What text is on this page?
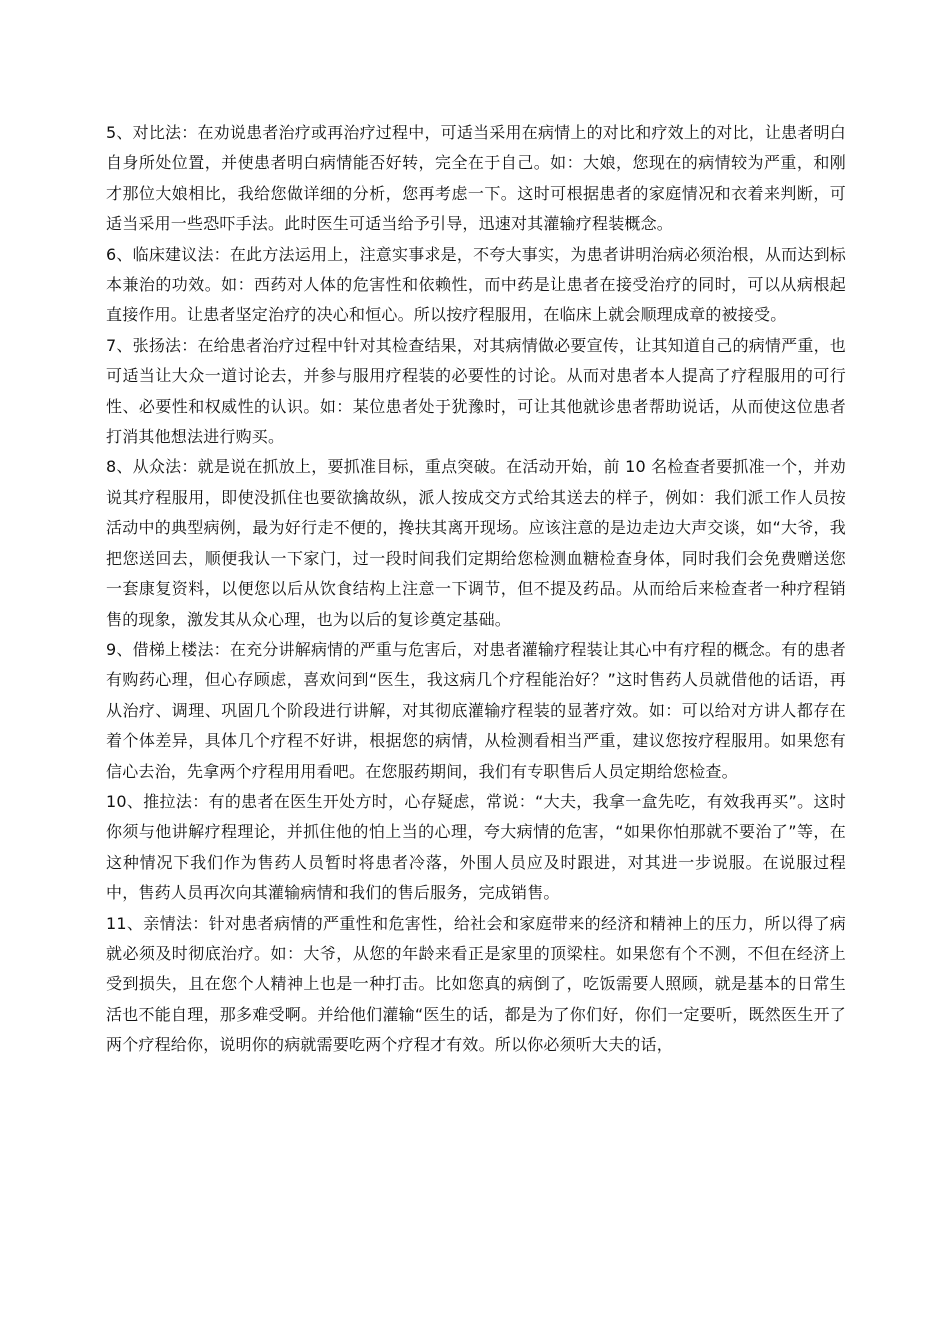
5、对比法：在劝说患者治疗或再治疗过程中，可适当采用在病情上的对比和疗效上的对比，让患者明白自身所处位置，并使患者明白病情能否好转，完全在于自己。如：大娘，您现在的病情较为严重，和刚才那位大娘相比，我给您做详细的分析，您再考虑一下。这时可根据患者的家庭情况和衣着来判断，可适当采用一些恐吓手法。此时医生可适当给予引导，迅速对其灌输疗程装概念。

6、临床建议法：在此方法运用上，注意实事求是，不夸大事实，为患者讲明治病必须治根，从而达到标本兼治的功效。如：西药对人体的危害性和依赖性，而中药是让患者在接受治疗的同时，可以从病根起直接作用。让患者坚定治疗的决心和恒心。所以按疗程服用，在临床上就会顺理成章的被接受。

7、张扬法：在给患者治疗过程中针对其检查结果，对其病情做必要宣传，让其知道自己的病情严重，也可适当让大众一道讨论去，并参与服用疗程装的必要性的讨论。从而对患者本人提高了疗程服用的可行性、必要性和权威性的认识。如：某位患者处于犹豫时，可让其他就诊患者帮助说话，从而使这位患者打消其他想法进行购买。

8、从众法：就是说在抓放上，要抓准目标，重点突破。在活动开始，前 10 名检查者要抓准一个，并劝说其疗程服用，即使没抓住也要欲擒故纵，派人按成交方式给其送去的样子，例如：我们派工作人员按活动中的典型病例，最为好行走不便的，搀扶其离开现场。应该注意的是边走边大声交谈，如“大爷，我把您送回去，顺便我认一下家门，过一段时间我们定期给您检测血糖检查身体，同时我们会免费赠送您一套康复资料，以便您以后从饮食结构上注意一下调节，但不提及药品。从而给后来检查者一种疗程销售的现象，激发其从众心理，也为以后的复诊奠定基础。

9、借梯上楼法：在充分讲解病情的严重与危害后，对患者灌输疗程装让其心中有疗程的概念。有的患者有购药心理，但心存顾虑，喜欢问到“医生，我这病几个疗程能治好？”这时售药人员就借他的话语，再从治疗、调理、巩固几个阶段进行讲解，对其彻底灌输疗程装的显著疗效。如：可以给对方讲人都存在着个体差异，具体几个疗程不好讲，根据您的病情，从检测看相当严重，建议您按疗程服用。如果您有信心去治，先拿两个疗程用用看吧。在您服药期间，我们有专职售后人员定期给您检查。

10、推拉法：有的患者在医生开处方时，心存疑虑，常说：“大夫，我拿一盒先吃，有效我再买”。这时你须与他讲解疗程理论，并抓住他的怕上当的心理，夸大病情的危害，“如果你怕那就不要治了”等，在这种情况下我们作为售药人员暂时将患者冷落，外围人员应及时跟进，对其进一步说服。在说服过程中，售药人员再次向其灌输病情和我们的售后服务，完成销售。

11、亲情法：针对患者病情的严重性和危害性，给社会和家庭带来的经济和精神上的压力，所以得了病就必须及时彻底治疗。如：大爷，从您的年龄来看正是家里的顶梁柱。如果您有个不测，不但在经济上受到损失，且在您个人精神上也是一种打击。比如您真的病倒了，吃饭需要人照顾，就是基本的日常生活也不能自理，那多难受啊。并给他们灌输“医生的话，都是为了你们好，你们一定要听，既然医生开了两个疗程给你，说明你的病就需要吃两个疗程才有效。所以你必须听大夫的话，
